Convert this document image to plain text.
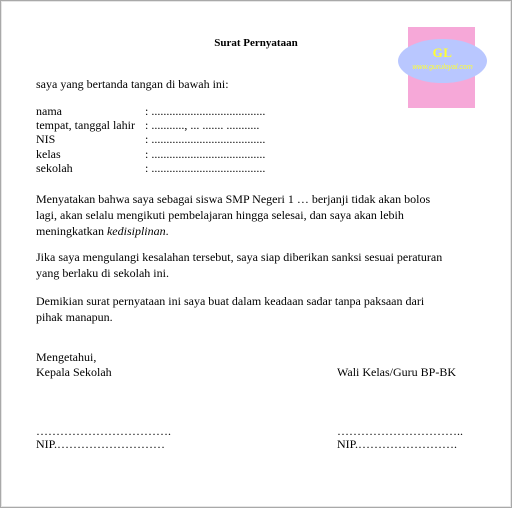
Surat Pernyataan
GL
www.guruloyal.com
saya yang bertanda tangan di bawah ini:
nama	: ......................................
tempat, tanggal lahir : ..........., ... ....... ...........
NIS	: ......................................
kelas	: ......................................
sekolah	: ......................................
Menyatakan bahwa saya sebagai siswa SMP Negeri 1 … berjanji tidak akan bolos
lagi, akan selalu mengikuti pembelajaran hingga selesai, dan saya akan lebih
meningkatkan kedisiplinan.
Jika saya mengulangi kesalahan tersebut, saya siap diberikan sanksi sesuai peraturan
yang berlaku di sekolah ini.
Demikian surat pernyataan ini saya buat dalam keadaan sadar tanpa paksaan dari
pihak manapun.
Mengetahui,
Kepala Sekolah
…………………………….
NIP.………………………
Wali Kelas/Guru BP-BK
…………………………..
NIP.…………………….
